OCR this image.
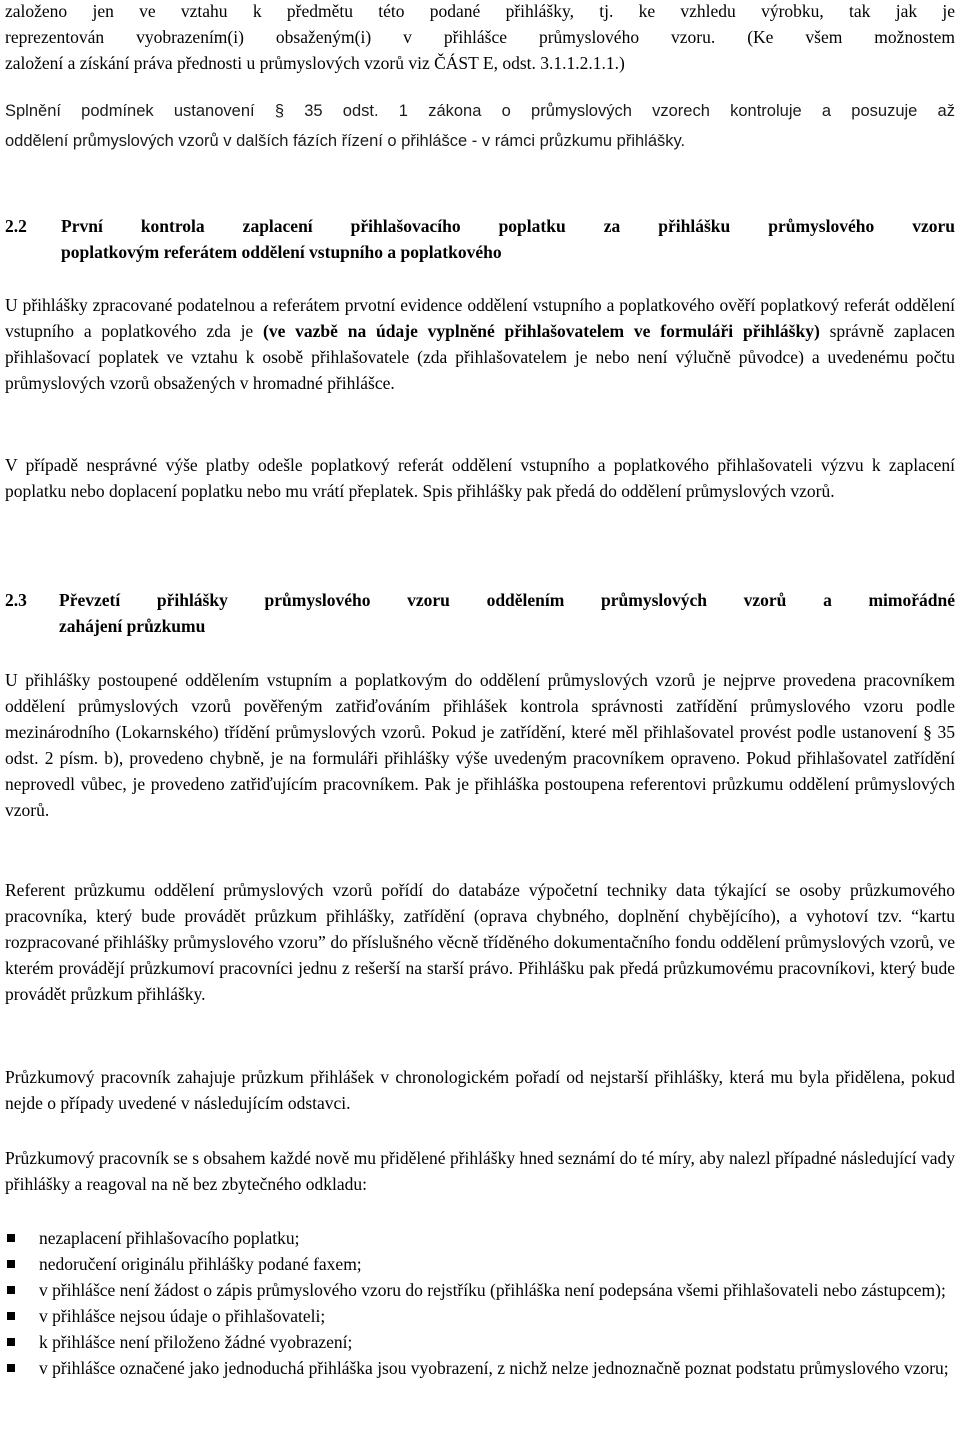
založeno jen ve vztahu k předmětu této podané přihlášky, tj. ke vzhledu výrobku, tak jak je

reprezentován vyobrazením(i) obsaženým(i) v přihlášce průmyslového vzoru. (Ke všem možnostem

založení a získání práva přednosti u průmyslových vzorů viz ČÁST E, odst. 3.1.1.2.1.1.)

Splnění podmínek ustanovení § 35 odst. 1 zákona o průmyslových vzorech kontroluje a posuzuje až

oddělení průmyslových vzorů v dalších fázích řízení o přihlášce - v rámci průzkumu přihlášky.

2.2	První kontrola zaplacení přihlašovacího poplatku za přihlášku průmyslového vzoru
poplatkovým referátem oddělení vstupního a poplatkového

U přihlášky zpracované podatelnou a referátem prvotní evidence oddělení vstupního a poplatkového ověří poplatkový referát oddělení vstupního a poplatkového zda je (ve vazbě na údaje vyplněné přihlašovatelem ve formuláři přihlášky) správně zaplacen přihlašovací poplatek ve vztahu k osobě přihlašovatele (zda přihlašovatelem je nebo není výlučně původce) a uvedenému počtu průmyslových vzorů obsažených v hromadné přihlášce.

V případě nesprávné výše platby odešle poplatkový referát oddělení vstupního a poplatkového přihlašovateli výzvu k zaplacení poplatku nebo doplacení poplatku nebo mu vrátí přeplatek. Spis přihlášky pak předá do oddělení průmyslových vzorů.

2.3	Převzetí přihlášky průmyslového vzoru oddělením průmyslových vzorů a mimořádné
zahájení průzkumu

U přihlášky postoupené oddělením vstupním a poplatkovým do oddělení průmyslových vzorů je nejprve provedena pracovníkem oddělení průmyslových vzorů pověřeným zatřiďováním přihlášek kontrola správnosti zatřídění průmyslového vzoru podle mezinárodního (Lokarnského) třídění průmyslových vzorů. Pokud je zatřídění, které měl přihlašovatel provést podle ustanovení § 35 odst. 2 písm. b), provedeno chybně, je na formuláři přihlášky výše uvedeným pracovníkem opraveno. Pokud přihlašovatel zatřídění neprovedl vůbec, je provedeno zatřiďujícím pracovníkem. Pak je přihláška postoupena referentovi průzkumu oddělení průmyslových vzorů.

Referent průzkumu oddělení průmyslových vzorů pořídí do databáze výpočetní techniky data týkající se osoby průzkumového pracovníka, který bude provádět průzkum přihlášky, zatřídění (oprava chybného, doplnění chybějícího), a vyhotoví tzv. “kartu rozpracované přihlášky průmyslového vzoru” do příslušného věcně tříděného dokumentačního fondu oddělení průmyslových vzorů, ve kterém provádějí průzkumoví pracovníci jednu z rešerší na starší právo. Přihlášku pak předá průzkumovému pracovníkovi, který bude provádět průzkum přihlášky.

Průzkumový pracovník zahajuje průzkum přihlášek v chronologickém pořadí od nejstarší přihlášky, která mu byla přidělena, pokud nejde o případy uvedené v následujícím odstavci.

Průzkumový pracovník se s obsahem každé nově mu přidělené přihlášky hned seznámí do té míry, aby nalezl případné následující vady přihlášky a reagoval na ně bez zbytečného odkladu:

nezaplacení přihlašovacího poplatku;
nedoručení originálu přihlášky podané faxem;
v přihlášce není žádost o zápis průmyslového vzoru do rejstříku (přihláška není podepsána všemi přihlašovateli nebo zástupcem);
v přihlášce nejsou údaje o přihlašovateli;
k přihlášce není přiloženo žádné vyobrazení;
v přihlášce označené jako jednoduchá přihláška jsou vyobrazení, z nichž nelze jednoznačně poznat podstatu průmyslového vzoru;
